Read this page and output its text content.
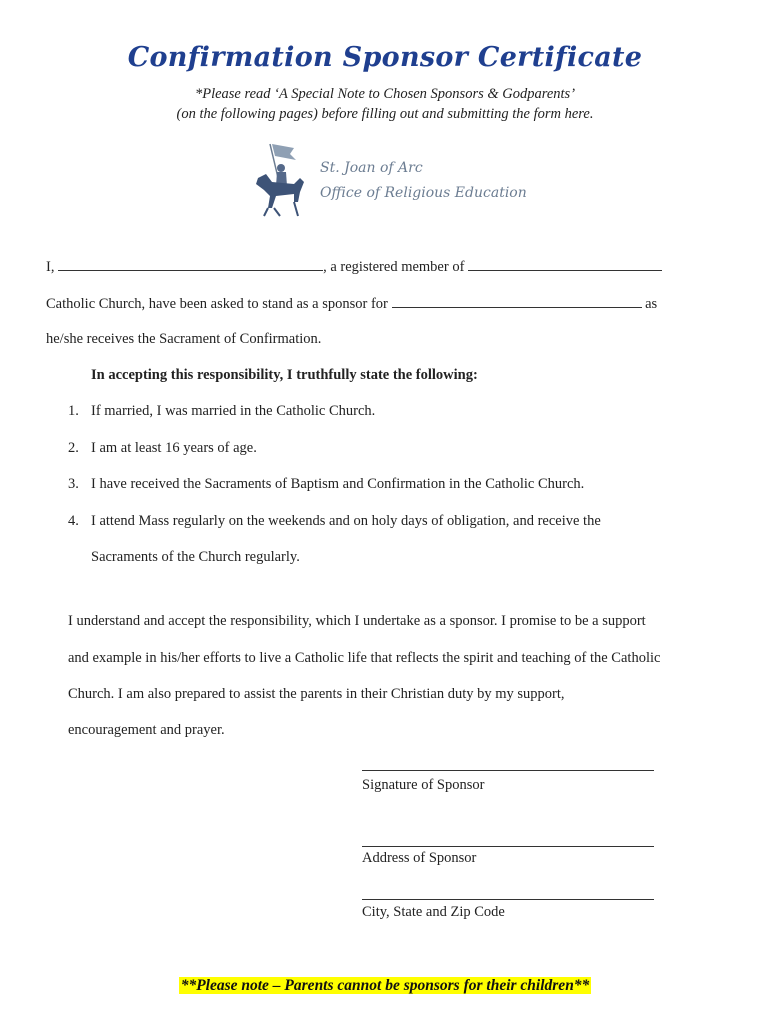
Confirmation Sponsor Certificate
*Please read ‘A Special Note to Chosen Sponsors & Godparents’
(on the following pages) before filling out and submitting the form here.
St. Joan of Arc
Office of Religious Education
I,	, a registered member of
Catholic Church, have been asked to stand as a sponsor for	as
he/she receives the Sacrament of Confirmation.
In accepting this responsibility, I truthfully state the following:
1. If married, I was married in the Catholic Church.
2. I am at least 16 years of age.
3. I have received the Sacraments of Baptism and Confirmation in the Catholic Church.
4. I attend Mass regularly on the weekends and on holy days of obligation, and receive the
Sacraments of the Church regularly.
I understand and accept the responsibility, which I undertake as a sponsor. I promise to be a support
and example in his/her efforts to live a Catholic life that reflects the spirit and teaching of the Catholic
Church. I am also prepared to assist the parents in their Christian duty by my support,
encouragement and prayer.
Signature of Sponsor
Address of Sponsor
City, State and Zip Code
**Please note – Parents cannot be sponsors for their children**
